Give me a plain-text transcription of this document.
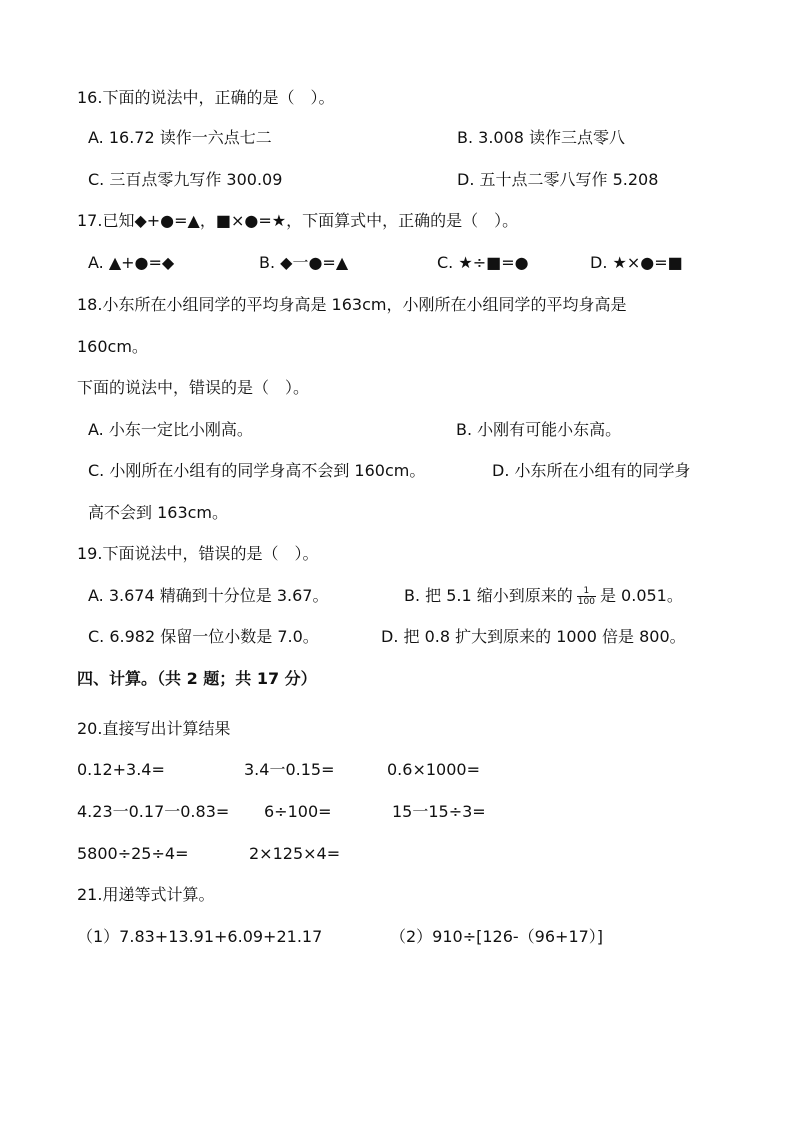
16.下面的说法中，正确的是（　）。
A. 16.72 读作一六点七二	B. 3.008 读作三点零八
C. 三百点零九写作 300.09	D. 五十点二零八写作 5.208
17.已知◆+●=▲，■×●=★，下面算式中，正确的是（　）。
A. ▲+●=◆	B. ◆一●=▲	C. ★÷■=●	D. ★×●=■
18.小东所在小组同学的平均身高是 163cm，小刚所在小组同学的平均身高是
160cm。
下面的说法中，错误的是（　）。
A. 小东一定比小刚高。	B. 小刚有可能小东高。
C. 小刚所在小组有的同学身高不会到 160cm。	D. 小东所在小组有的同学身
高不会到 163cm。
19.下面说法中，错误的是（　）。
A. 3.674 精确到十分位是 3.67。	B. 把 5.1 缩小到原来的 $\frac{1}{100}$ 是 0.051。
C. 6.982 保留一位小数是 7.0。	D. 把 0.8 扩大到原来的 1000 倍是 800。
四、计算。（共 2 题；共 17 分）
20.直接写出计算结果
0.12+3.4=	3.4一0.15=	0.6×1000=
4.23一0.17一0.83= 6÷100=	15一15÷3=
5800÷25÷4=	2×125×4=
21.用递等式计算。
（1）7.83+13.91+6.09+21.17	（2）910÷[126-（96+17）]
